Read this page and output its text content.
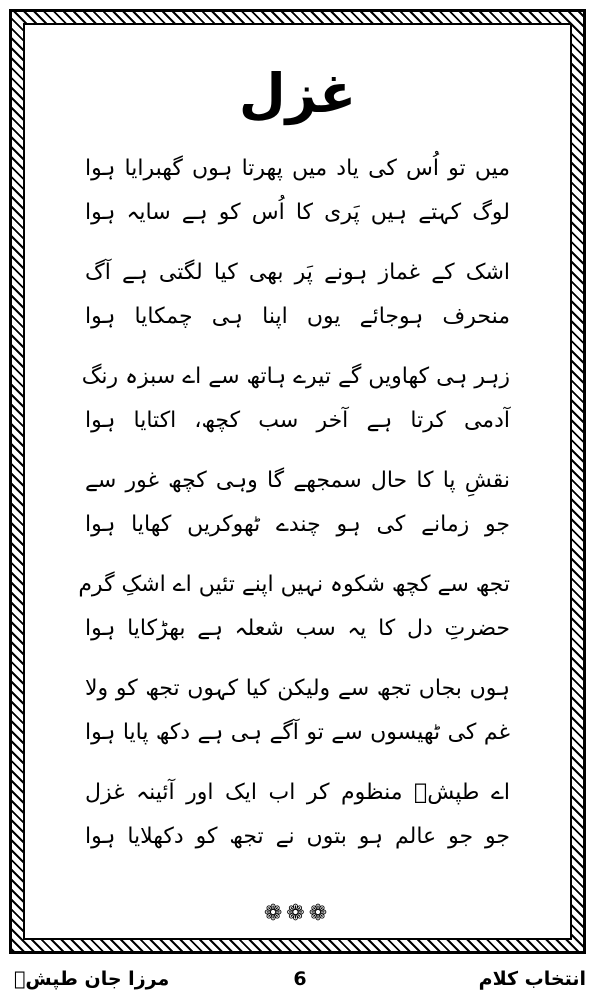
غزل
میں تو اُس کی یاد میں پھرتا ہوں گھبرایا ہوا
لوگ کہتے ہیں پَری کا اُس کو ہے سایہ ہوا
اشک کے غماز ہونے پَر بھی کیا لگتی ہے آگ
منحرف ہوجائے یوں اپنا ہی چمکایا ہوا
زہر ہی کھاویں گے تیرے ہاتھ سے اے سبزہ رنگ
آدمی کرتا ہے آخر سب کچھ، اکتایا ہوا
نقشِ پا کا حال سمجھے گا وہی کچھ غور سے
جو زمانے کی ہو چندے ٹھوکریں کھایا ہوا
تجھ سے کچھ شکوہ نہیں اپنے تئیں اے اشکِ گرم
حضرتِ دل کا یہ سب شعلہ ہے بھڑکایا ہوا
ہوں بجاں تجھ سے ولیکن کیا کہوں تجھ کو ولا
غم کی ٹھیسوں سے تو آگے ہی ہے دکھ پایا ہوا
اے طپشؔ منظوم کر اب ایک اور آئینہ غزل
جو جو عالم ہو بتوں نے تجھ کو دکھلایا ہوا
❁❁❁
مرزا جان طپشؔ	6	انتخاب کلام
